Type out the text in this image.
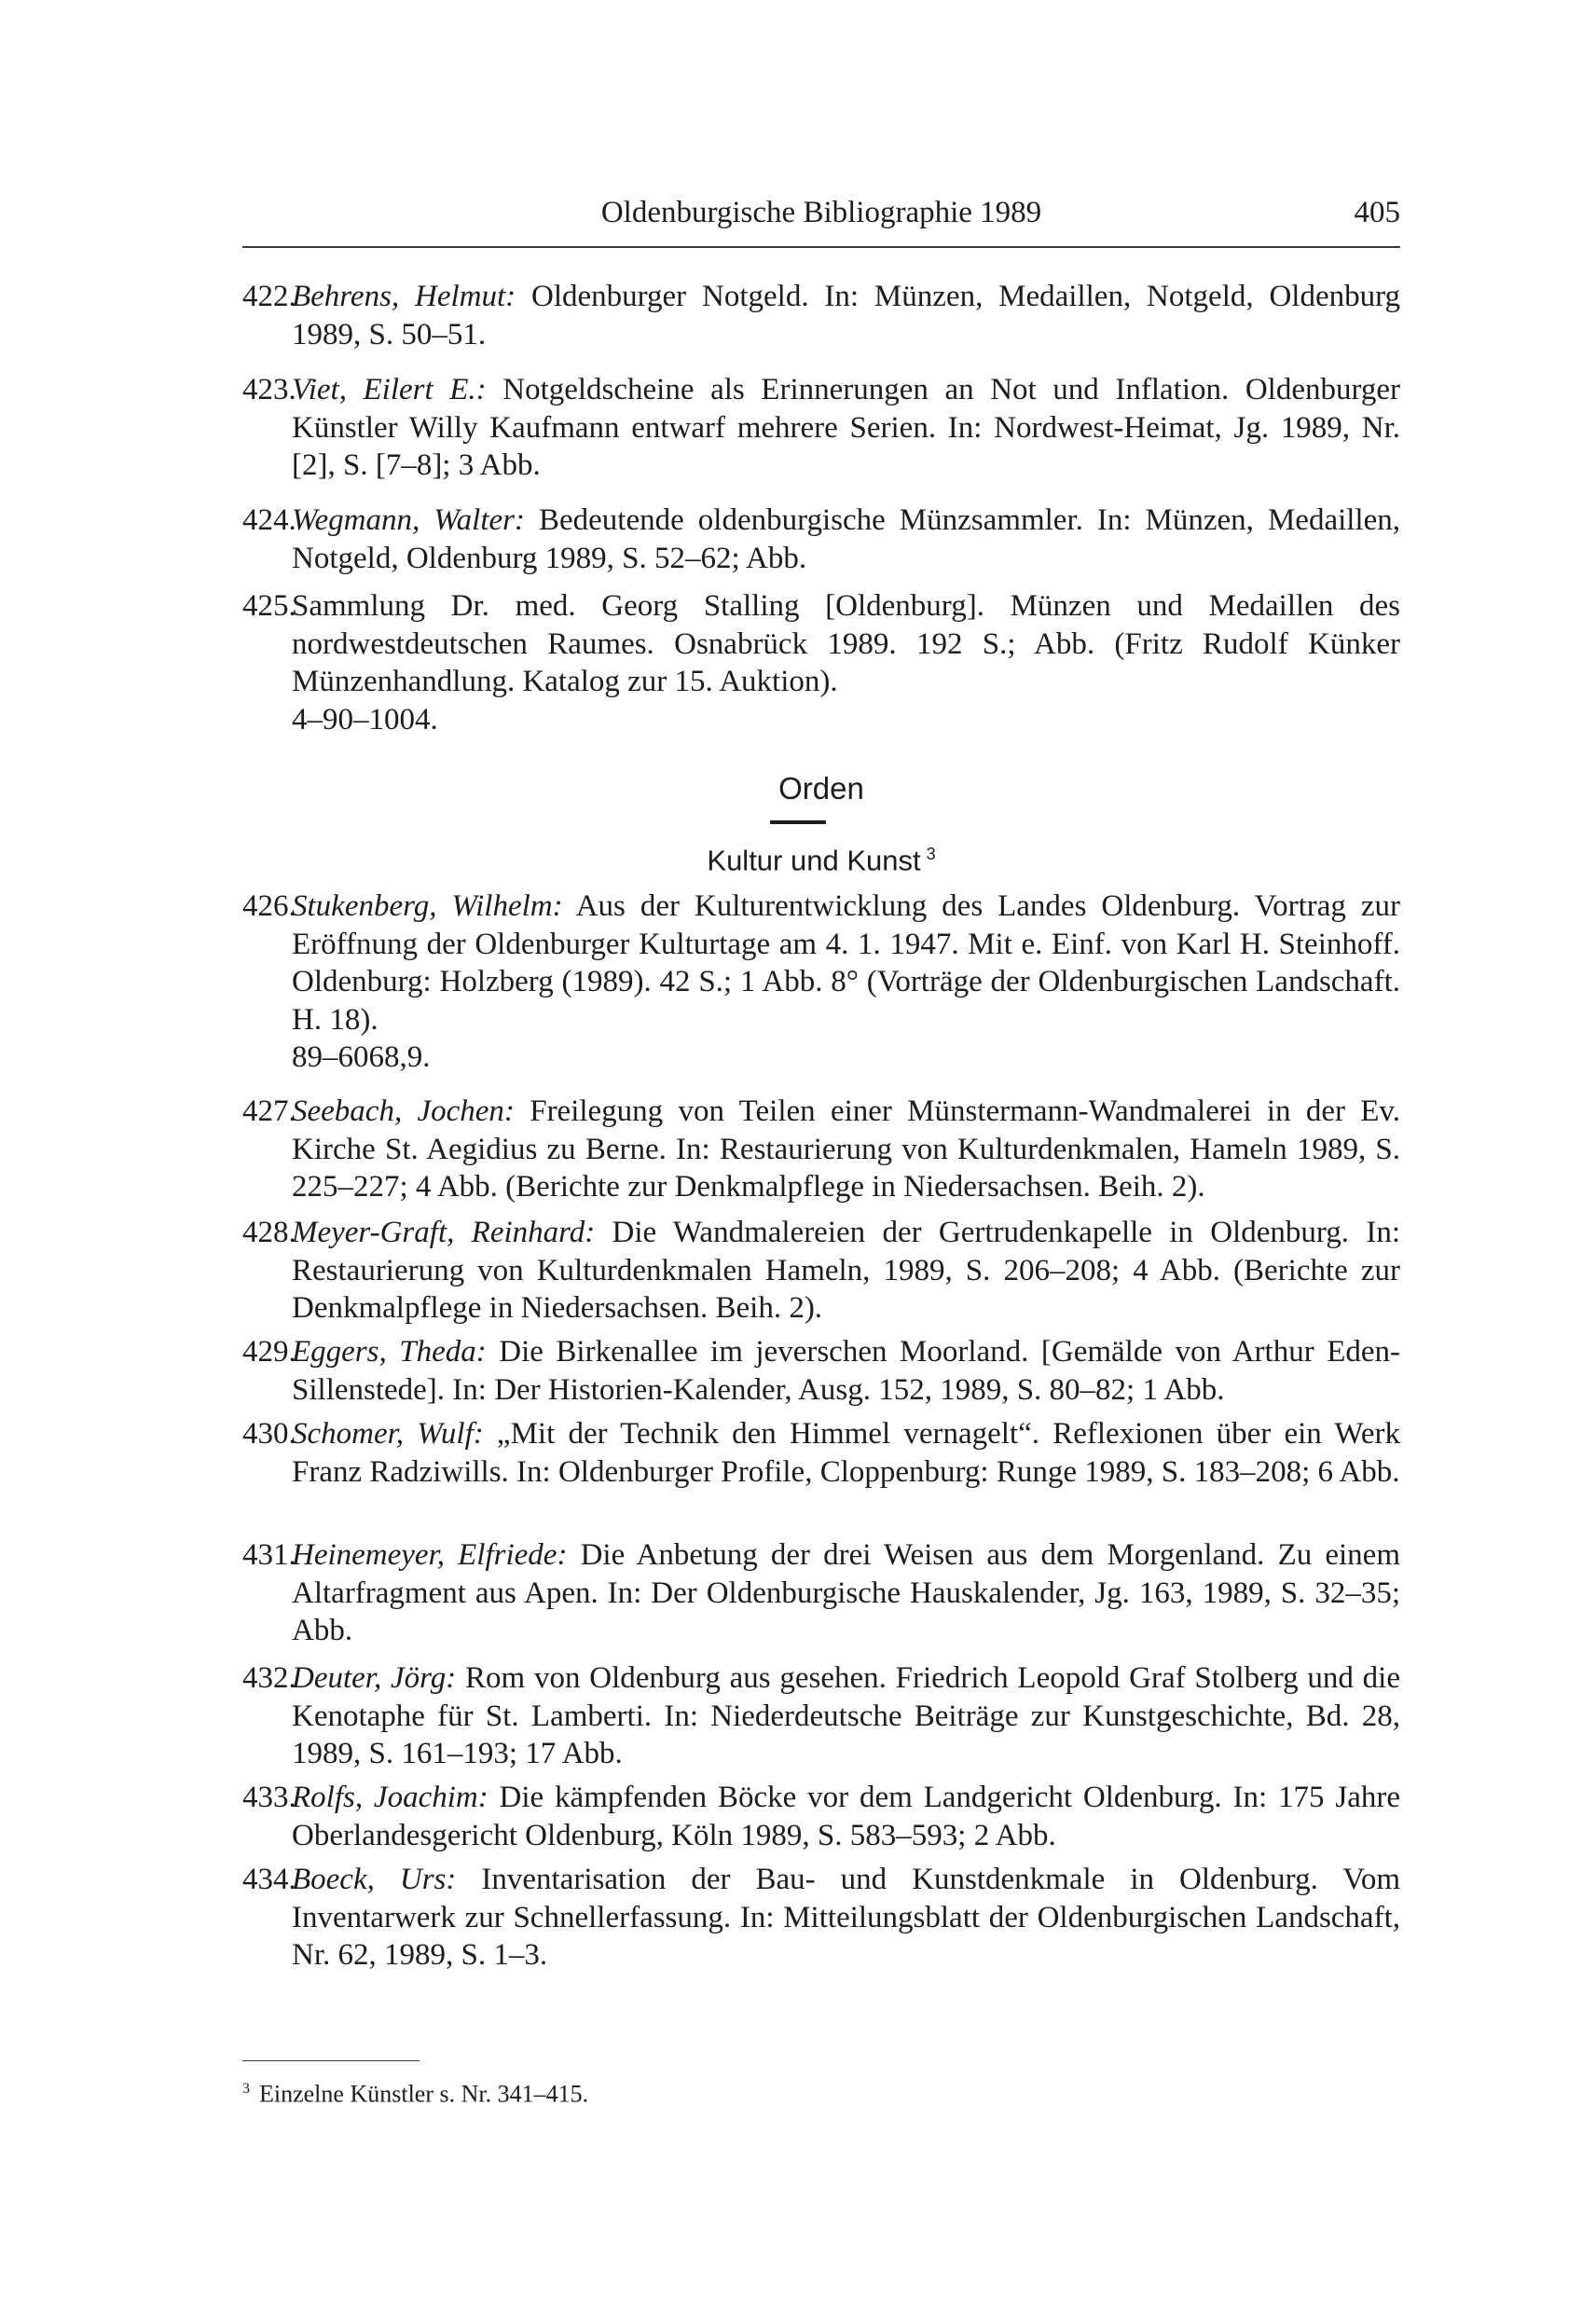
Oldenburgische Bibliographie 1989	405
422.
Behrens, Helmut: Oldenburger Notgeld. In: Münzen, Medaillen, Notgeld, Oldenburg 1989, S. 50–51.
423.
Viet, Eilert E.: Notgeldscheine als Erinnerungen an Not und Inflation. Oldenburger Künstler Willy Kaufmann entwarf mehrere Serien. In: Nordwest-Heimat, Jg. 1989, Nr. [2], S. [7–8]; 3 Abb.
424.
Wegmann, Walter: Bedeutende oldenburgische Münzsammler. In: Münzen, Medaillen, Notgeld, Oldenburg 1989, S. 52–62; Abb.
425.
Sammlung Dr. med. Georg Stalling [Oldenburg]. Münzen und Medaillen des nordwestdeutschen Raumes. Osnabrück 1989. 192 S.; Abb. (Fritz Rudolf Künker Münzenhandlung. Katalog zur 15. Auktion).
4–90–1004.
Orden
Kultur und Kunst $^3$
426.
Stukenberg, Wilhelm: Aus der Kulturentwicklung des Landes Oldenburg. Vortrag zur Eröffnung der Oldenburger Kulturtage am 4. 1. 1947. Mit e. Einf. von Karl H. Steinhoff. Oldenburg: Holzberg (1989). 42 S.; 1 Abb. 8° (Vorträge der Oldenburgischen Landschaft. H. 18).
89–6068,9.
427.
Seebach, Jochen: Freilegung von Teilen einer Münstermann-Wandmalerei in der Ev. Kirche St. Aegidius zu Berne. In: Restaurierung von Kulturdenkmalen, Hameln 1989, S. 225–227; 4 Abb. (Berichte zur Denkmalpflege in Niedersachsen. Beih. 2).
428.
Meyer-Graft, Reinhard: Die Wandmalereien der Gertrudenkapelle in Oldenburg. In: Restaurierung von Kulturdenkmalen Hameln, 1989, S. 206–208; 4 Abb. (Berichte zur Denkmalpflege in Niedersachsen. Beih. 2).
429.
Eggers, Theda: Die Birkenallee im jeverschen Moorland. [Gemälde von Arthur Eden-Sillenstede]. In: Der Historien-Kalender, Ausg. 152, 1989, S. 80–82; 1 Abb.
430.
Schomer, Wulf: „Mit der Technik den Himmel vernagelt“. Reflexionen über ein Werk Franz Radziwills. In: Oldenburger Profile, Cloppenburg: Runge 1989, S. 183–208; 6 Abb.
431.
Heinemeyer, Elfriede: Die Anbetung der drei Weisen aus dem Morgenland. Zu einem Altarfragment aus Apen. In: Der Oldenburgische Hauskalender, Jg. 163, 1989, S. 32–35; Abb.
432.
Deuter, Jörg: Rom von Oldenburg aus gesehen. Friedrich Leopold Graf Stolberg und die Kenotaphe für St. Lamberti. In: Niederdeutsche Beiträge zur Kunstgeschichte, Bd. 28, 1989, S. 161–193; 17 Abb.
433.
Rolfs, Joachim: Die kämpfenden Böcke vor dem Landgericht Oldenburg. In: 175 Jahre Oberlandesgericht Oldenburg, Köln 1989, S. 583–593; 2 Abb.
434.
Boeck, Urs: Inventarisation der Bau- und Kunstdenkmale in Oldenburg. Vom Inventarwerk zur Schnellerfassung. In: Mitteilungsblatt der Oldenburgischen Landschaft, Nr. 62, 1989, S. 1–3.
$^3$ Einzelne Künstler s. Nr. 341–415.
